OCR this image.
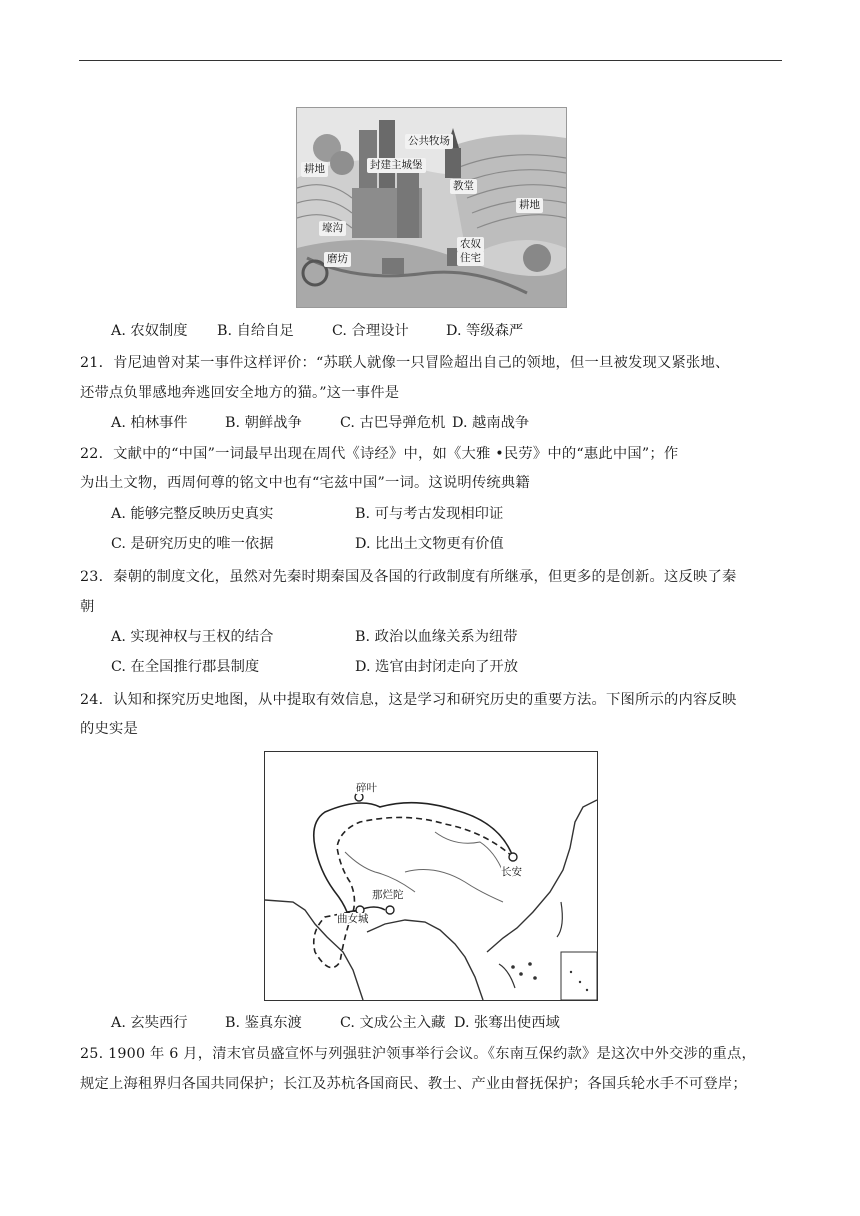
公共牧场
封建主城堡
教堂
耕地
耕地
壕沟
磨坊
农奴
住宅
A. 农奴制度 B. 自给自足	C. 合理设计	D. 等级森严
21．肯尼迪曾对某一事件这样评价：“苏联人就像一只冒险超出自己的领地，但一旦被发现又紧张地、
还带点负罪感地奔逃回安全地方的猫。”这一事件是
A. 柏林事件	B. 朝鲜战争	C. 古巴导弹危机 D. 越南战争
22．文献中的“中国”一词最早出现在周代《诗经》中，如《大雅 •民劳》中的“惠此中国”；作
为出土文物，西周何尊的铭文中也有“宅兹中国”一词。这说明传统典籍
A. 能够完整反映历史真实	B. 可与考古发现相印证
C. 是研究历史的唯一依据	D. 比出土文物更有价值
23．秦朝的制度文化，虽然对先秦时期秦国及各国的行政制度有所继承，但更多的是创新。这反映了秦
朝
A. 实现神权与王权的结合	B. 政治以血缘关系为纽带
C. 在全国推行郡县制度	D. 选官由封闭走向了开放
24．认知和探究历史地图，从中提取有效信息，这是学习和研究历史的重要方法。下图所示的内容反映
的史实是
碎叶
长安
那烂陀
曲女城
A. 玄奘西行	B. 鉴真东渡	C. 文成公主入藏 D. 张骞出使西域
25. 1900 年 6 月，清末官员盛宣怀与列强驻沪领事举行会议。《东南互保约款》是这次中外交涉的重点，
规定上海租界归各国共同保护；长江及苏杭各国商民、教士、产业由督抚保护；各国兵轮水手不可登岸；
